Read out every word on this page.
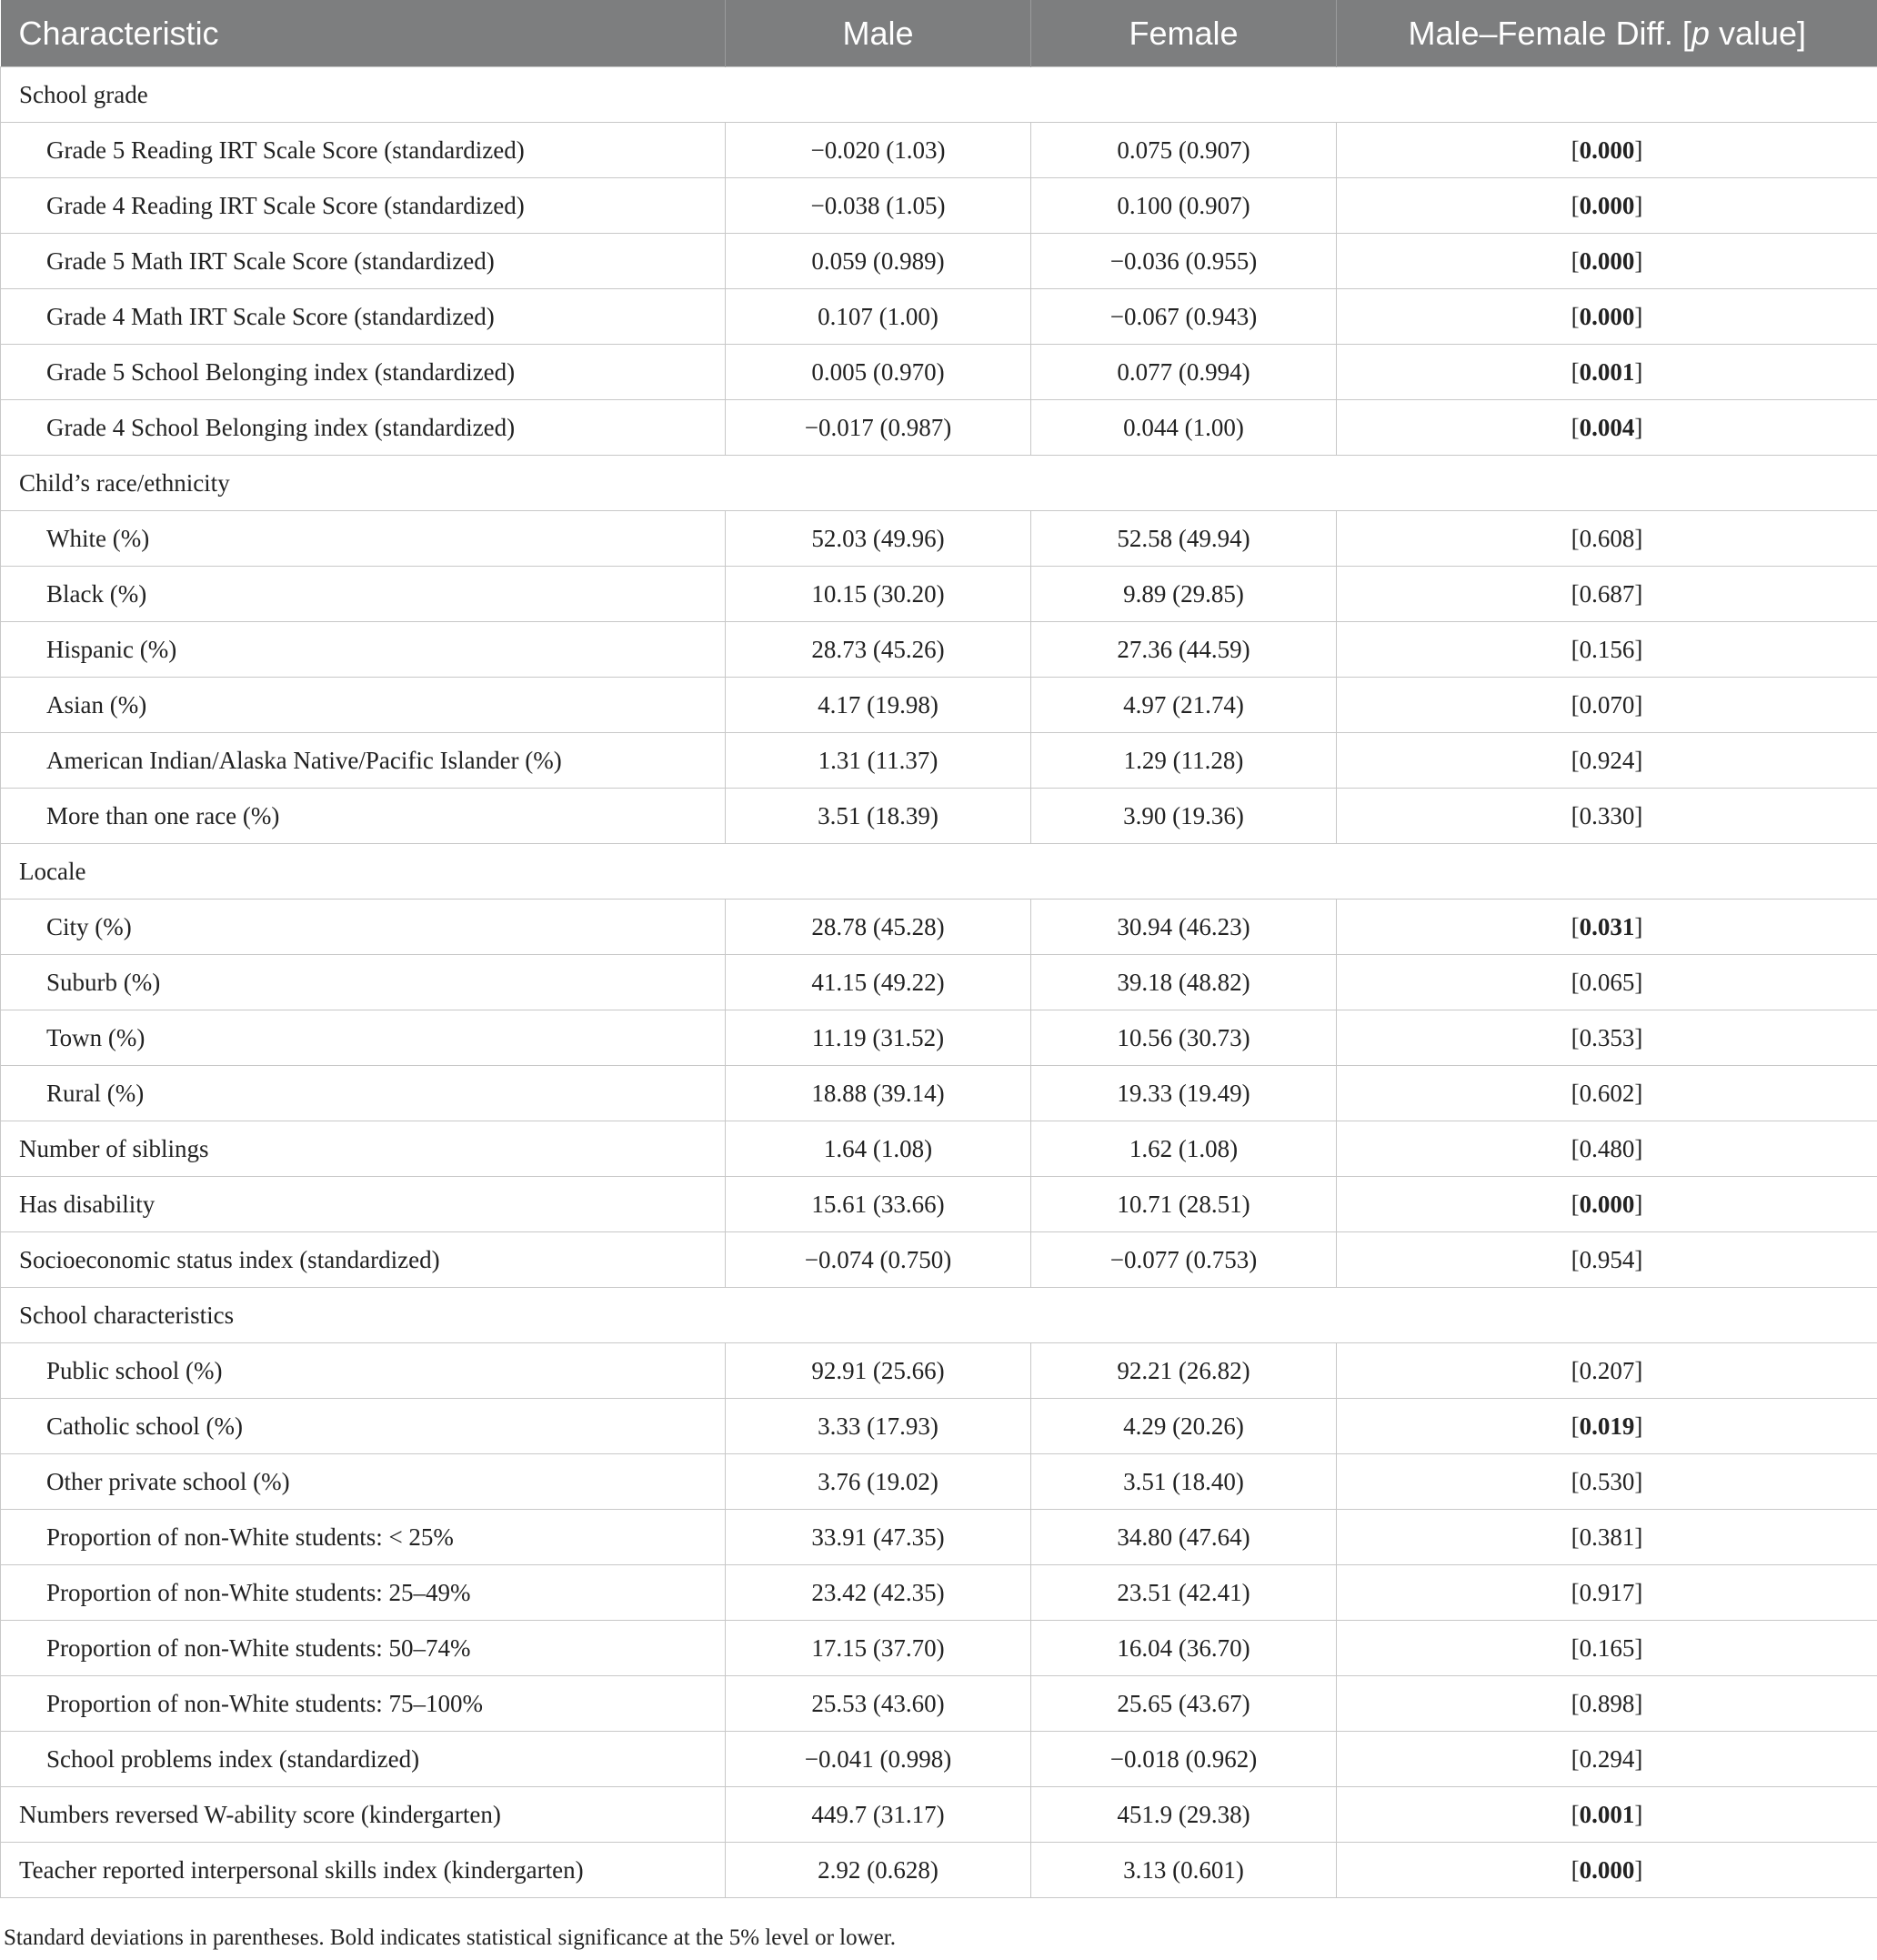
Characteristic	Male	Female	Male–Female Diff. [p value]
School grade			
Grade 5 Reading IRT Scale Score (standardized)	−0.020 (1.03)	0.075 (0.907)	[0.000]
Grade 4 Reading IRT Scale Score (standardized)	−0.038 (1.05)	0.100 (0.907)	[0.000]
Grade 5 Math IRT Scale Score (standardized)	0.059 (0.989)	−0.036 (0.955)	[0.000]
Grade 4 Math IRT Scale Score (standardized)	0.107 (1.00)	−0.067 (0.943)	[0.000]
Grade 5 School Belonging index (standardized)	0.005 (0.970)	0.077 (0.994)	[0.001]
Grade 4 School Belonging index (standardized)	−0.017 (0.987)	0.044 (1.00)	[0.004]
Child’s race/ethnicity			
White (%)	52.03 (49.96)	52.58 (49.94)	[0.608]
Black (%)	10.15 (30.20)	9.89 (29.85)	[0.687]
Hispanic (%)	28.73 (45.26)	27.36 (44.59)	[0.156]
Asian (%)	4.17 (19.98)	4.97 (21.74)	[0.070]
American Indian/Alaska Native/Pacific Islander (%)	1.31 (11.37)	1.29 (11.28)	[0.924]
More than one race (%)	3.51 (18.39)	3.90 (19.36)	[0.330]
Locale			
City (%)	28.78 (45.28)	30.94 (46.23)	[0.031]
Suburb (%)	41.15 (49.22)	39.18 (48.82)	[0.065]
Town (%)	11.19 (31.52)	10.56 (30.73)	[0.353]
Rural (%)	18.88 (39.14)	19.33 (19.49)	[0.602]
Number of siblings	1.64 (1.08)	1.62 (1.08)	[0.480]
Has disability	15.61 (33.66)	10.71 (28.51)	[0.000]
Socioeconomic status index (standardized)	−0.074 (0.750)	−0.077 (0.753)	[0.954]
School characteristics			
Public school (%)	92.91 (25.66)	92.21 (26.82)	[0.207]
Catholic school (%)	3.33 (17.93)	4.29 (20.26)	[0.019]
Other private school (%)	3.76 (19.02)	3.51 (18.40)	[0.530]
Proportion of non-White students: < 25%	33.91 (47.35)	34.80 (47.64)	[0.381]
Proportion of non-White students: 25–49%	23.42 (42.35)	23.51 (42.41)	[0.917]
Proportion of non-White students: 50–74%	17.15 (37.70)	16.04 (36.70)	[0.165]
Proportion of non-White students: 75–100%	25.53 (43.60)	25.65 (43.67)	[0.898]
School problems index (standardized)	−0.041 (0.998)	−0.018 (0.962)	[0.294]
Numbers reversed W-ability score (kindergarten)	449.7 (31.17)	451.9 (29.38)	[0.001]
Teacher reported interpersonal skills index (kindergarten)	2.92 (0.628)	3.13 (0.601)	[0.000]
Standard deviations in parentheses. Bold indicates statistical significance at the 5% level or lower.
